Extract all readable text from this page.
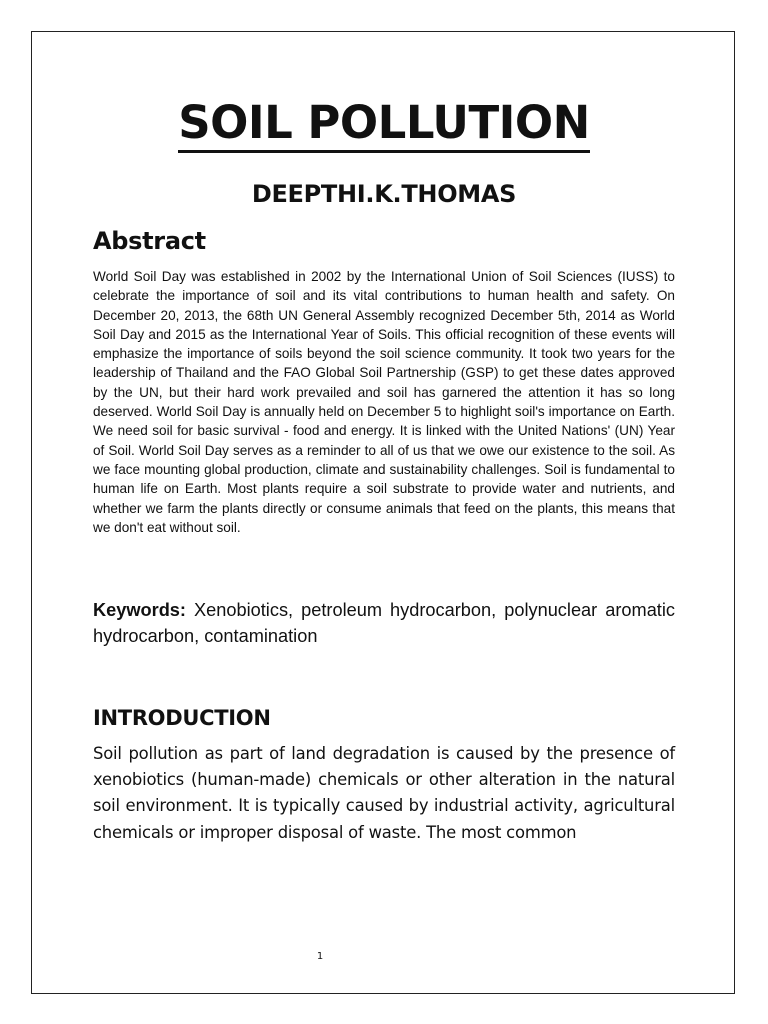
SOIL POLLUTION
DEEPTHI.K.THOMAS
Abstract

World Soil Day was established in 2002 by the International Union of Soil Sciences (IUSS) to celebrate the importance of soil and its vital contributions to human health and safety. On December 20, 2013, the 68th UN General Assembly recognized December 5th, 2014 as World Soil Day and 2015 as the International Year of Soils. This official recognition of these events will emphasize the importance of soils beyond the soil science community. It took two years for the leadership of Thailand and the FAO Global Soil Partnership (GSP) to get these dates approved by the UN, but their hard work prevailed and soil has garnered the attention it has so long deserved. World Soil Day is annually held on December 5 to highlight soil's importance on Earth. We need soil for basic survival - food and energy. It is linked with the United Nations' (UN) Year of Soil. World Soil Day serves as a reminder to all of us that we owe our existence to the soil. As we face mounting global production, climate and sustainability challenges. Soil is fundamental to human life on Earth. Most plants require a soil substrate to provide water and nutrients, and whether we farm the plants directly or consume animals that feed on the plants, this means that we don't eat without soil.

Keywords: Xenobiotics, petroleum hydrocarbon, polynuclear aromatic hydrocarbon, contamination

INTRODUCTION

Soil pollution as part of land degradation is caused by the presence of xenobiotics (human-made) chemicals or other alteration in the natural soil environment. It is typically caused by industrial activity, agricultural chemicals or improper disposal of waste. The most common

1
